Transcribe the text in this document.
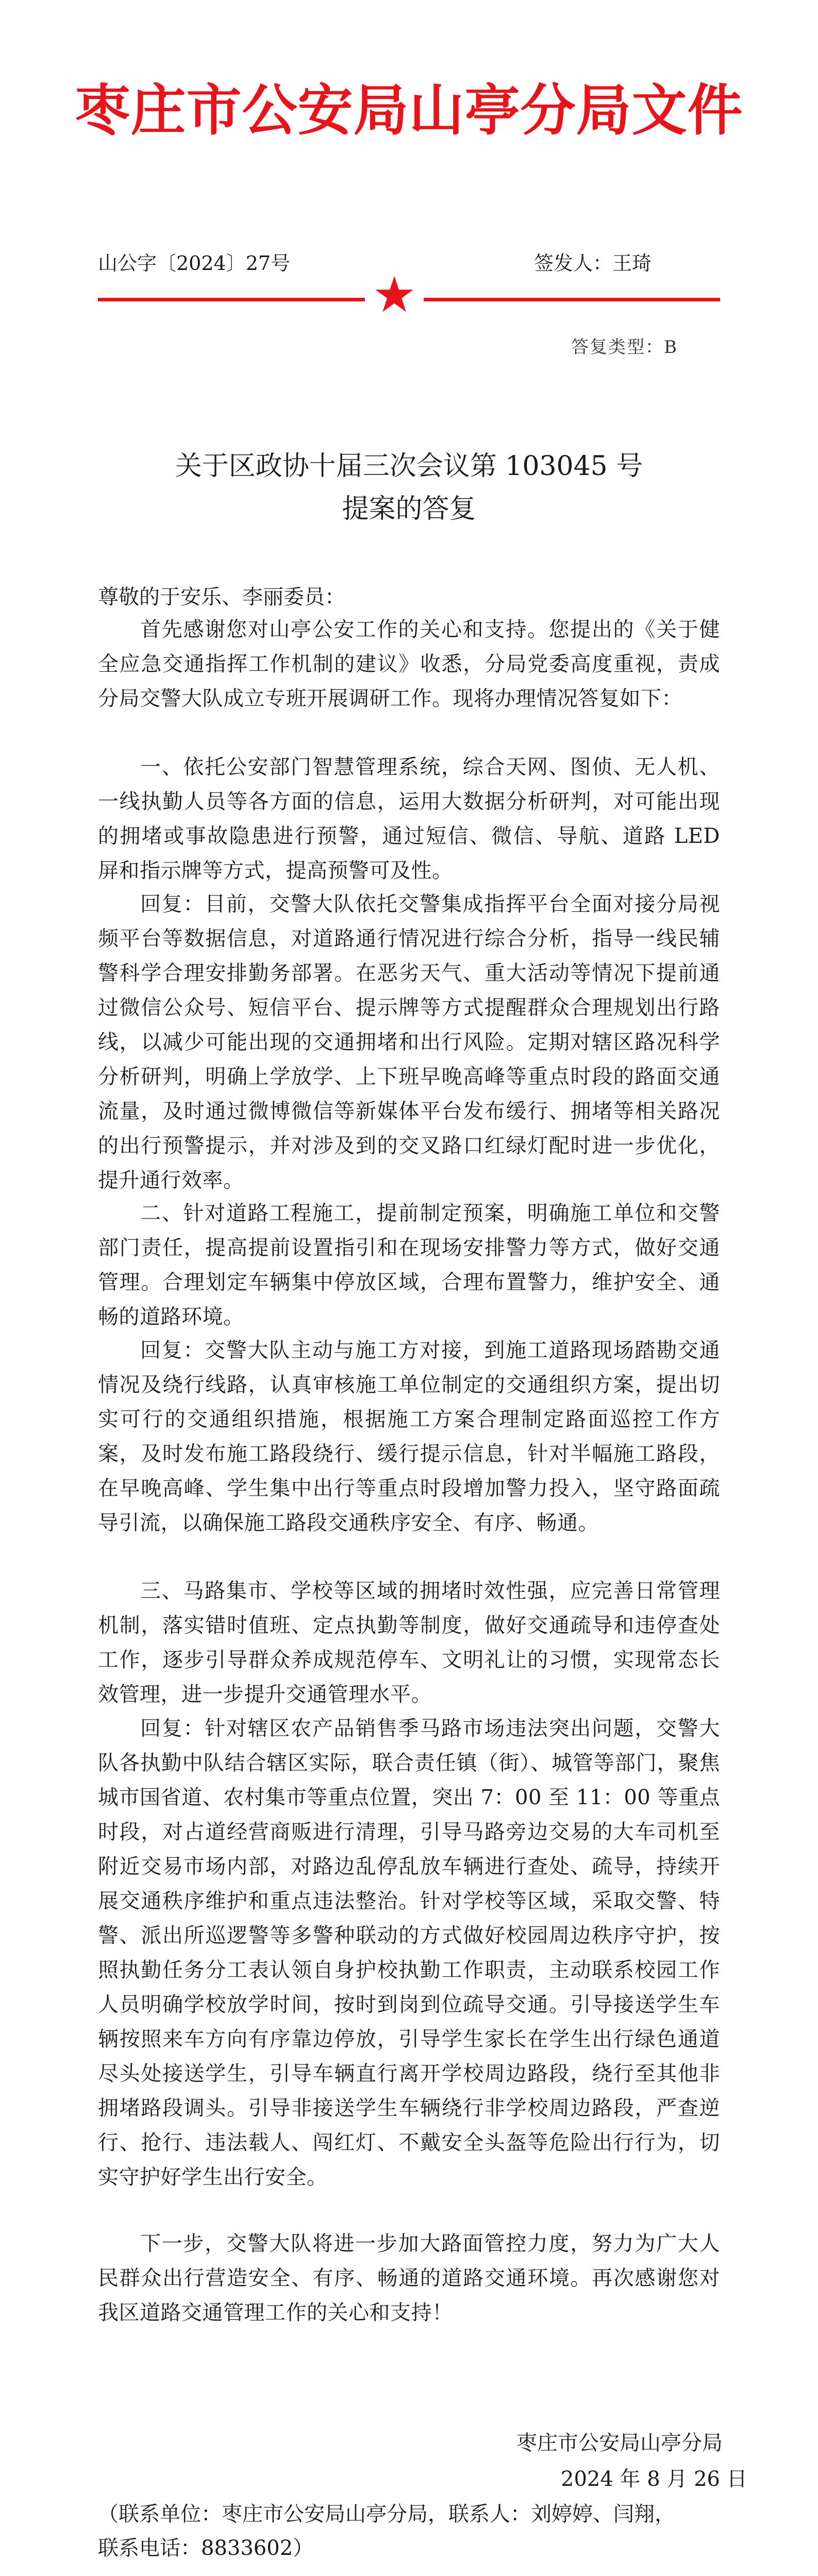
枣庄市公安局山亭分局文件
山公字〔2024〕27号	签发人：王琦
★
答复类型：B
关于区政协十届三次会议第 103045 号
提案的答复
尊敬的于安乐、李丽委员：

首先感谢您对山亭公安工作的关心和支持。您提出的《关于健全应急交通指挥工作机制的建议》收悉，分局党委高度重视，责成分局交警大队成立专班开展调研工作。现将办理情况答复如下：

一、依托公安部门智慧管理系统，综合天网、图侦、无人机、一线执勤人员等各方面的信息，运用大数据分析研判，对可能出现的拥堵或事故隐患进行预警，通过短信、微信、导航、道路 LED 屏和指示牌等方式，提高预警可及性。

回复：目前，交警大队依托交警集成指挥平台全面对接分局视频平台等数据信息，对道路通行情况进行综合分析，指导一线民辅警科学合理安排勤务部署。在恶劣天气、重大活动等情况下提前通过微信公众号、短信平台、提示牌等方式提醒群众合理规划出行路线，以减少可能出现的交通拥堵和出行风险。定期对辖区路况科学分析研判，明确上学放学、上下班早晚高峰等重点时段的路面交通流量，及时通过微博微信等新媒体平台发布缓行、拥堵等相关路况的出行预警提示，并对涉及到的交叉路口红绿灯配时进一步优化，提升通行效率。

二、针对道路工程施工，提前制定预案，明确施工单位和交警部门责任，提高提前设置指引和在现场安排警力等方式，做好交通管理。合理划定车辆集中停放区域，合理布置警力，维护安全、通畅的道路环境。

回复：交警大队主动与施工方对接，到施工道路现场踏勘交通情况及绕行线路，认真审核施工单位制定的交通组织方案，提出切实可行的交通组织措施，根据施工方案合理制定路面巡控工作方案，及时发布施工路段绕行、缓行提示信息，针对半幅施工路段，在早晚高峰、学生集中出行等重点时段增加警力投入，坚守路面疏导引流，以确保施工路段交通秩序安全、有序、畅通。

三、马路集市、学校等区域的拥堵时效性强，应完善日常管理机制，落实错时值班、定点执勤等制度，做好交通疏导和违停查处工作，逐步引导群众养成规范停车、文明礼让的习惯，实现常态长效管理，进一步提升交通管理水平。

回复：针对辖区农产品销售季马路市场违法突出问题，交警大队各执勤中队结合辖区实际，联合责任镇（街）、城管等部门，聚焦城市国省道、农村集市等重点位置，突出 7：00 至 11：00 等重点时段，对占道经营商贩进行清理，引导马路旁边交易的大车司机至附近交易市场内部，对路边乱停乱放车辆进行查处、疏导，持续开展交通秩序维护和重点违法整治。针对学校等区域，采取交警、特警、派出所巡逻警等多警种联动的方式做好校园周边秩序守护，按照执勤任务分工表认领自身护校执勤工作职责，主动联系校园工作人员明确学校放学时间，按时到岗到位疏导交通。引导接送学生车辆按照来车方向有序靠边停放，引导学生家长在学生出行绿色通道尽头处接送学生，引导车辆直行离开学校周边路段，绕行至其他非拥堵路段调头。引导非接送学生车辆绕行非学校周边路段，严查逆行、抢行、违法载人、闯红灯、不戴安全头盔等危险出行行为，切实守护好学生出行安全。

下一步，交警大队将进一步加大路面管控力度，努力为广大人民群众出行营造安全、有序、畅通的道路交通环境。再次感谢您对我区道路交通管理工作的关心和支持！

枣庄市公安局山亭分局
2024 年 8 月 26 日
（联系单位：枣庄市公安局山亭分局，联系人：刘婷婷、闫翔，
联系电话：8833602）
